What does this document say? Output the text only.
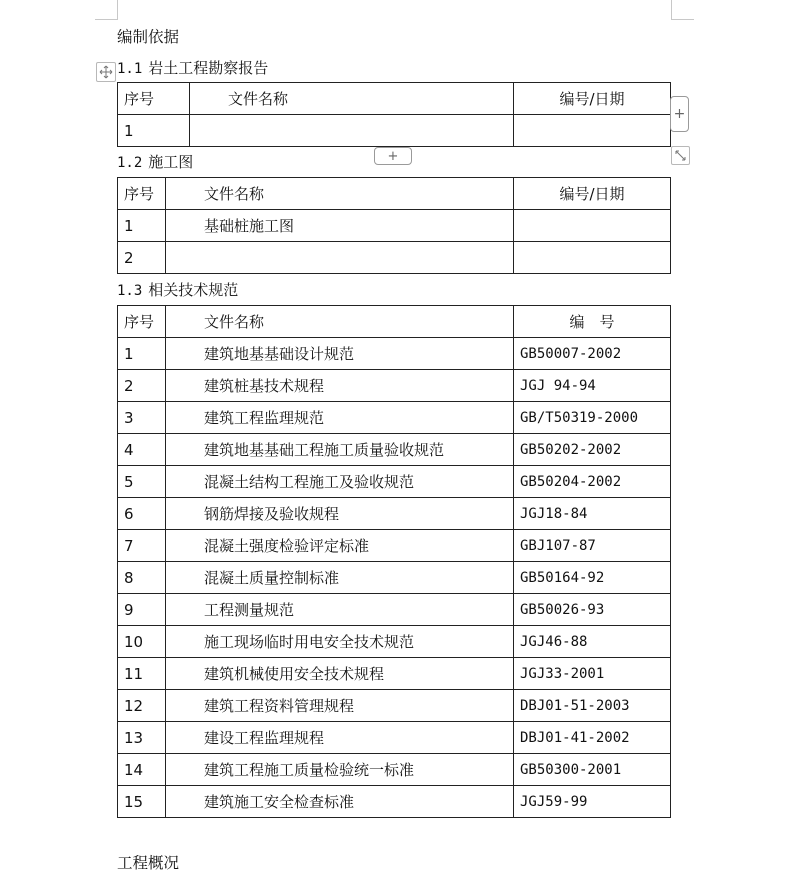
编制依据
1.1 岩土工程勘察报告
序号	文件名称	编号/日期
1		
+
+
1.2 施工图
序号	文件名称	编号/日期
1	基础桩施工图	
2		
1.3 相关技术规范
序号	文件名称	编　号
1	建筑地基基础设计规范	GB50007-2002
2	建筑桩基技术规程	JGJ 94-94
3	建筑工程监理规范	GB/T50319-2000
4	建筑地基基础工程施工质量验收规范	GB50202-2002
5	混凝土结构工程施工及验收规范	GB50204-2002
6	钢筋焊接及验收规程	JGJ18-84
7	混凝土强度检验评定标准	GBJ107-87
8	混凝土质量控制标准	GB50164-92
9	工程测量规范	GB50026-93
10	施工现场临时用电安全技术规范	JGJ46-88
11	建筑机械使用安全技术规程	JGJ33-2001
12	建筑工程资料管理规程	DBJ01-51-2003
13	建设工程监理规程	DBJ01-41-2002
14	建筑工程施工质量检验统一标准	GB50300-2001
15	建筑施工安全检查标准	JGJ59-99
工程概况
